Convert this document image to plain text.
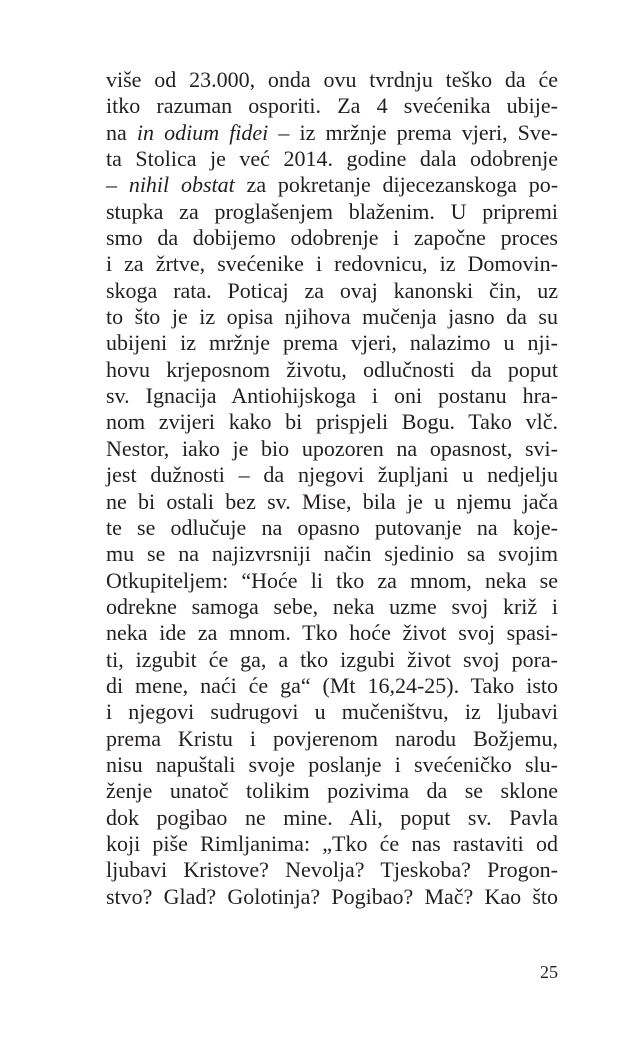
više od 23.000, onda ovu tvrdnju teško da će
itko razuman osporiti. Za 4 svećenika ubije-
na in odium fidei – iz mržnje prema vjeri, Sve-
ta Stolica je već 2014. godine dala odobrenje
– nihil obstat za pokretanje dijecezanskoga po-
stupka za proglašenjem blaženim. U pripremi
smo da dobijemo odobrenje i započne proces
i za žrtve, svećenike i redovnicu, iz Domovin-
skoga rata. Poticaj za ovaj kanonski čin, uz
to što je iz opisa njihova mučenja jasno da su
ubijeni iz mržnje prema vjeri, nalazimo u nji-
hovu krjeposnom životu, odlučnosti da poput
sv. Ignacija Antiohijskoga i oni postanu hra-
nom zvijeri kako bi prispjeli Bogu. Tako vlč.
Nestor, iako je bio upozoren na opasnost, svi-
jest dužnosti – da njegovi župljani u nedjelju
ne bi ostali bez sv. Mise, bila je u njemu jača
te se odlučuje na opasno putovanje na koje-
mu se na najizvrsniji način sjedinio sa svojim
Otkupiteljem: “Hoće li tko za mnom, neka se
odrekne samoga sebe, neka uzme svoj križ i
neka ide za mnom. Tko hoće život svoj spasi-
ti, izgubit će ga, a tko izgubi život svoj pora-
di mene, naći će ga“ (Mt 16,24-25). Tako isto
i njegovi sudrugovi u mučeništvu, iz ljubavi
prema Kristu i povjerenom narodu Božjemu,
nisu napuštali svoje poslanje i svećeničko slu-
ženje unatoč tolikim pozivima da se sklone
dok pogibao ne mine. Ali, poput sv. Pavla
koji piše Rimljanima: „Tko će nas rastaviti od
ljubavi Kristove? Nevolja? Tjeskoba? Progon-
stvo? Glad? Golotinja? Pogibao? Mač? Kao što
25
